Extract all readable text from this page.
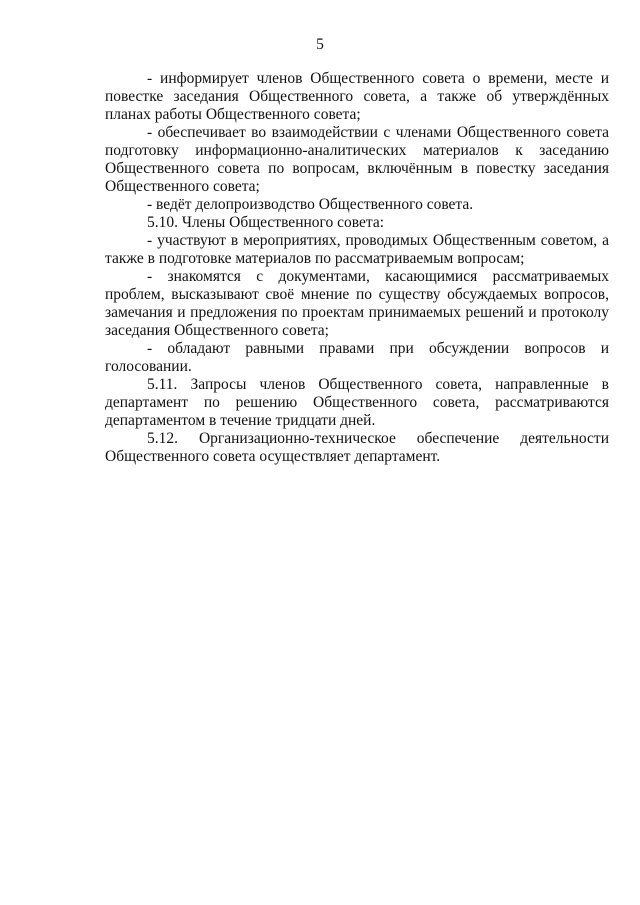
5

- информирует членов Общественного совета о времени, месте и повестке заседания Общественного совета, а также об утверждённых планах работы Общественного совета;

- обеспечивает во взаимодействии с членами Общественного совета подготовку информационно-аналитических материалов к заседанию Общественного совета по вопросам, включённым в повестку заседания Общественного совета;

- ведёт делопроизводство Общественного совета.

5.10. Члены Общественного совета:

- участвуют в мероприятиях, проводимых Общественным советом, а также в подготовке материалов по рассматриваемым вопросам;

- знакомятся с документами, касающимися рассматриваемых проблем, высказывают своё мнение по существу обсуждаемых вопросов, замечания и предложения по проектам принимаемых решений и протоколу заседания Общественного совета;

- обладают равными правами при обсуждении вопросов и голосовании.

5.11. Запросы членов Общественного совета, направленные в департамент по решению Общественного совета, рассматриваются департаментом в течение тридцати дней.

5.12. Организационно-техническое обеспечение деятельности Общественного совета осуществляет департамент.
